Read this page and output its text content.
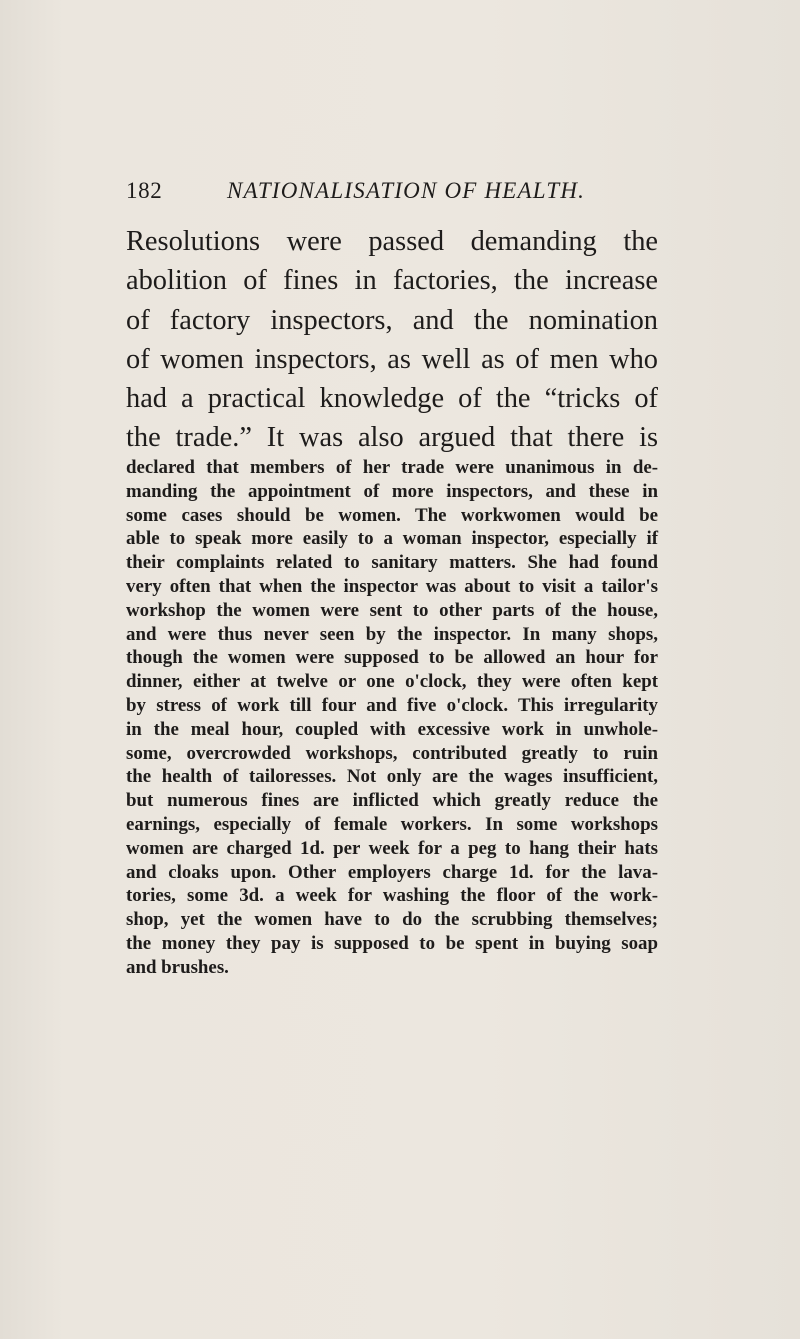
182	NATIONALISATION OF HEALTH.
Resolutions were passed demanding the
abolition of fines in factories, the increase
of factory inspectors, and the nomination
of women inspectors, as well as of men who
had a practical knowledge of the “tricks of
the trade.” It was also argued that there is
declared that members of her trade were unanimous in de-
manding the appointment of more inspectors, and these in
some cases should be women. The workwomen would be
able to speak more easily to a woman inspector, especially if
their complaints related to sanitary matters. She had found
very often that when the inspector was about to visit a tailor's
workshop the women were sent to other parts of the house,
and were thus never seen by the inspector. In many shops,
though the women were supposed to be allowed an hour for
dinner, either at twelve or one o'clock, they were often kept
by stress of work till four and five o'clock. This irregularity
in the meal hour, coupled with excessive work in unwhole-
some, overcrowded workshops, contributed greatly to ruin
the health of tailoresses. Not only are the wages insufficient,
but numerous fines are inflicted which greatly reduce the
earnings, especially of female workers. In some workshops
women are charged 1d. per week for a peg to hang their hats
and cloaks upon. Other employers charge 1d. for the lava-
tories, some 3d. a week for washing the floor of the work-
shop, yet the women have to do the scrubbing themselves;
the money they pay is supposed to be spent in buying soap
and brushes.
